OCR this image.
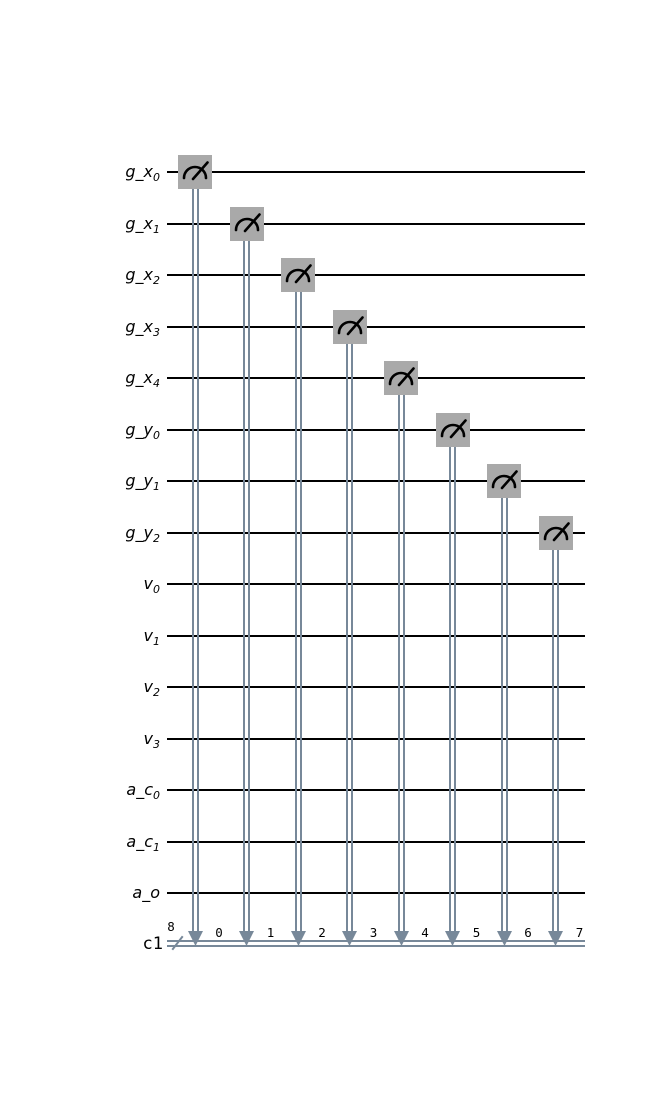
$g\_x_0$
$g\_x_1$
$g\_x_2$
$g\_x_3$
$g\_x_4$
$g\_y_0$
$g\_y_1$
$g\_y_2$
$v_0$
$v_1$
$v_2$
$v_3$
$a\_c_0$
$a\_c_1$
a_o
0	1	2	3	4	5	6	7
c1
8
